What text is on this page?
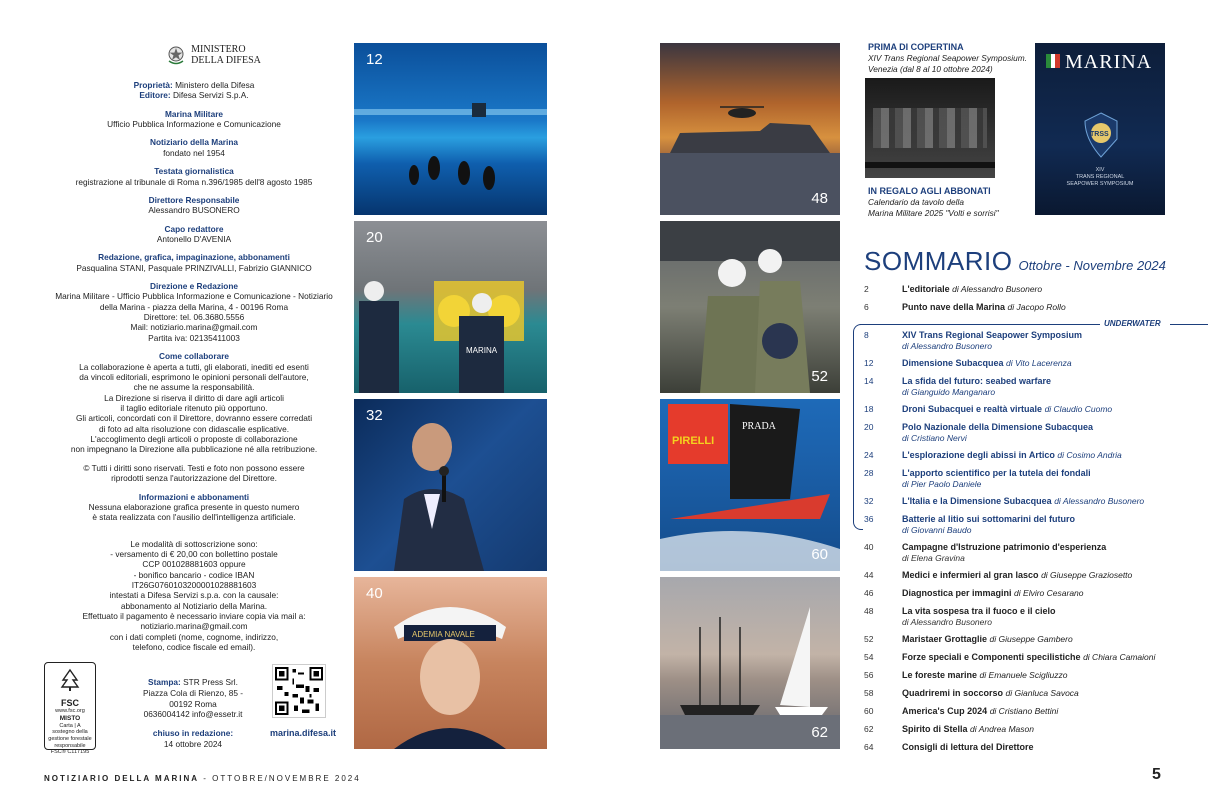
MINISTERO
DELLA DIFESA
Proprietà: Ministero della Difesa
Editore: Difesa Servizi S.p.A.
Marina Militare
Ufficio Pubblica Informazione e Comunicazione
Notiziario della Marina
fondato nel 1954
Testata giornalistica
registrazione al tribunale di Roma n.396/1985 dell'8 agosto 1985
Direttore Responsabile
Alessandro BUSONERO
Capo redattore
Antonello D'AVENIA
Redazione, grafica, impaginazione, abbonamenti
Pasqualina STANI, Pasquale PRINZIVALLI, Fabrizio GIANNICO
Direzione e Redazione
Marina Militare - Ufficio Pubblica Informazione e Comunicazione - Notiziario
della Marina - piazza della Marina, 4 - 00196 Roma
Direttore: tel. 06.3680.5556
Mail: notiziario.marina@gmail.com
Partita iva: 02135411003
Come collaborare
La collaborazione è aperta a tutti, gli elaborati, inediti ed esenti
da vincoli editoriali, esprimono le opinioni personali dell'autore,
che ne assume la responsabilità.
La Direzione si riserva il diritto di dare agli articoli
il taglio editoriale ritenuto più opportuno.
Gli articoli, concordati con il Direttore, dovranno essere corredati
di foto ad alta risoluzione con didascalie esplicative.
L'accoglimento degli articoli o proposte di collaborazione
non impegnano la Direzione alla pubblicazione né alla retribuzione.
© Tutti i diritti sono riservati. Testi e foto non possono essere
riprodotti senza l'autorizzazione del Direttore.
Informazioni e abbonamenti
Nessuna elaborazione grafica presente in questo numero
è stata realizzata con l'ausilio dell'intelligenza artificiale.
Le modalità di sottoscrizione sono:
- versamento di € 20,00 con bollettino postale
CCP 001028881603 oppure
- bonifico bancario - codice IBAN
IT26G0760103200001028881603
intestati a Difesa Servizi s.p.a. con la causale:
abbonamento al Notiziario della Marina.
Effettuato il pagamento è necessario inviare copia via mail a:
notiziario.marina@gmail.com
con i dati completi (nome, cognome, indirizzo,
telefono, codice fiscale ed email).
FSC
www.fsc.org
MISTO
Carta | A
sostegno della
gestione forestale
responsabile
FSC® C117195
Stampa: STR Press Srl.
Piazza Cola di Rienzo, 85 -
00192 Roma
0636004142 info@essetr.it
marina.difesa.it
chiuso in redazione:
14 ottobre 2024
12
MARINA
20
32
ADEMIA NAVALE
40
48
52
PIRELLI
PRADA
60
62
PRIMA DI COPERTINA
XIV Trans Regional Seapower Symposium.
Venezia (dal 8 al 10 ottobre 2024)
IN REGALO AGLI ABBONATI
Calendario da tavolo della
Marina Militare 2025 "Volti e sorrisi"
MARINA
TRSS
XIV
TRANS REGIONAL
SEAPOWER SYMPOSIUM
SOMMARIO Ottobre - Novembre 2024
UNDERWATER
2	L'editoriale di Alessandro Busonero
6	Punto nave della Marina di Jacopo Rollo
8	XIV Trans Regional Seapower Symposium
di Alessandro Busonero
12	Dimensione Subacquea di Vito Lacerenza
14	La sfida del futuro: seabed warfare
di Gianguido Manganaro
18	Droni Subacquei e realtà virtuale di Claudio Cuomo
20	Polo Nazionale della Dimensione Subacquea
di Cristiano Nervi
24	L'esplorazione degli abissi in Artico di Cosimo Andria
28	L'apporto scientifico per la tutela dei fondali
di Pier Paolo Daniele
32	L'Italia e la Dimensione Subacquea di Alessandro Busonero
36	Batterie al litio sui sottomarini del futuro
di Giovanni Baudo
40	Campagne d'Istruzione patrimonio d'esperienza
di Elena Gravina
44	Medici e infermieri al gran lasco di Giuseppe Graziosetto
46	Diagnostica per immagini di Elviro Cesarano
48	La vita sospesa tra il fuoco e il cielo
di Alessandro Busonero
52	Maristaer Grottaglie di Giuseppe Gambero
54	Forze speciali e Componenti specilistiche di Chiara Camaioni
56	Le foreste marine di Emanuele Scigliuzzo
58	Quadriremi in soccorso di Gianluca Savoca
60	America's Cup 2024 di Cristiano Bettini
62	Spirito di Stella di Andrea Mason
64	Consigli di lettura del Direttore
NOTIZIARIO DELLA MARINA - OTTOBRE/NOVEMBRE 2024	5
